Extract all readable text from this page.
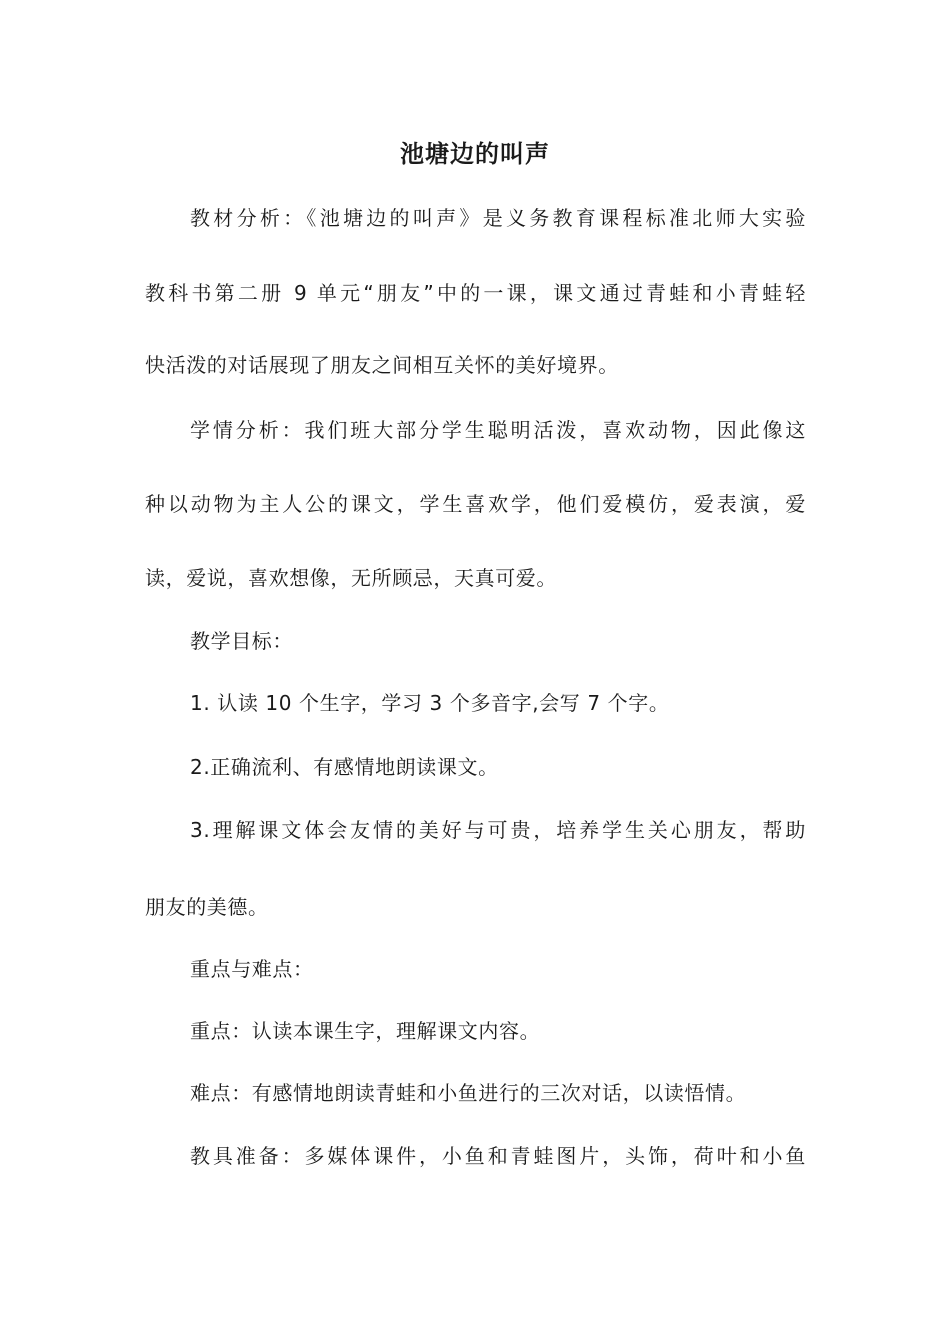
池塘边的叫声
教材分析：《池塘边的叫声》是义务教育课程标准北师大实验
教科书第二册 9 单元“朋友”中的一课，课文通过青蛙和小青蛙轻
快活泼的对话展现了朋友之间相互关怀的美好境界。
学情分析：我们班大部分学生聪明活泼，喜欢动物，因此像这
种以动物为主人公的课文，学生喜欢学，他们爱模仿，爱表演，爱
读，爱说，喜欢想像，无所顾忌，天真可爱。
教学目标：
1. 认读 10 个生字，学习 3 个多音字,会写 7 个字。
2.正确流利、有感情地朗读课文。
3.理解课文体会友情的美好与可贵，培养学生关心朋友，帮助
朋友的美德。
重点与难点：
重点：认读本课生字，理解课文内容。
难点：有感情地朗读青蛙和小鱼进行的三次对话，以读悟情。
教具准备：多媒体课件，小鱼和青蛙图片，头饰，荷叶和小鱼
